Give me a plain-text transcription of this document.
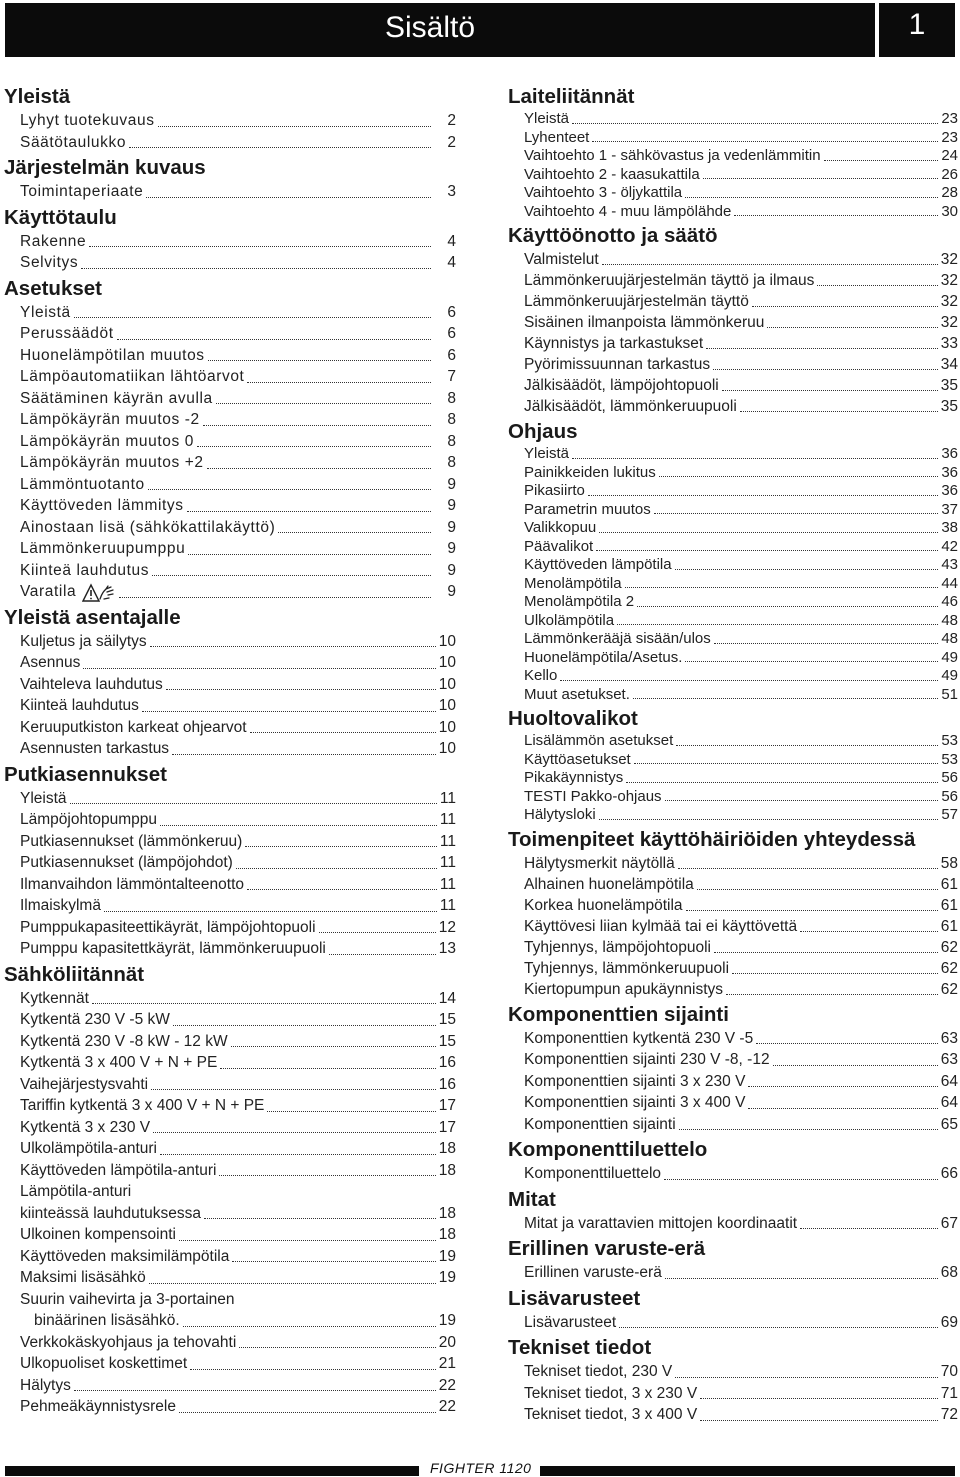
Sisältö	1
Yleistä
Lyhyt tuotekuvaus	2
Säätötaulukko	2
Järjestelmän kuvaus
Toimintaperiaate	3
Käyttötaulu
Rakenne	4
Selvitys	4
Asetukset
Yleistä	6
Perussäädöt	6
Huonelämpötilan muutos	6
Lämpöautomatiikan lähtöarvot	7
Säätäminen käyrän avulla	8
Lämpökäyrän muutos -2	8
Lämpökäyrän muutos 0	8
Lämpökäyrän muutos +2	8
Lämmöntuotanto	9
Käyttöveden lämmitys	9
Ainostaan lisä (sähkökattilakäyttö)	9
Lämmönkeruupumppu	9
Kiinteä lauhdutus	9
Varatila	9
Yleistä asentajalle
Kuljetus ja säilytys	10
Asennus	10
Vaihteleva lauhdutus	10
Kiinteä lauhdutus	10
Keruuputkiston karkeat ohjearvot	10
Asennusten tarkastus	10
Putkiasennukset
Yleistä	11
Lämpöjohtopumppu	11
Putkiasennukset (lämmönkeruu)	11
Putkiasennukset (lämpöjohdot)	11
Ilmanvaihdon lämmöntalteenotto	11
Ilmaiskylmä	11
Pumppukapasiteettikäyrät, lämpöjohtopuoli	12
Pumppu kapasitettkäyrät, lämmönkeruupuoli	13
Sähköliitännät
Kytkennät	14
Kytkentä 230 V -5 kW	15
Kytkentä 230 V -8 kW - 12 kW	15
Kytkentä 3 x 400 V + N + PE	16
Vaihejärjestysvahti	16
Tariffin kytkentä 3 x 400 V + N + PE	17
Kytkentä 3 x 230 V	17
Ulkolämpötila-anturi	18
Käyttöveden lämpötila-anturi	18
Lämpötila-anturi
kiinteässä lauhdutuksessa	18
Ulkoinen kompensointi	18
Käyttöveden maksimilämpötila	19
Maksimi lisäsähkö	19
Suurin vaihevirta ja 3-portainen
binäärinen lisäsähkö.	19
Verkkokäskyohjaus ja tehovahti	20
Ulkopuoliset koskettimet	21
Hälytys	22
Pehmeäkäynnistysrele	22
Laiteliitännät
Yleistä	23
Lyhenteet	23
Vaihtoehto 1 - sähkövastus ja vedenlämmitin	24
Vaihtoehto 2 - kaasukattila	26
Vaihtoehto 3 - öljykattila	28
Vaihtoehto 4 - muu lämpölähde	30
Käyttöönotto ja säätö
Valmistelut	32
Lämmönkeruujärjestelmän täyttö ja ilmaus	32
Lämmönkeruujärjestelmän täyttö	32
Sisäinen ilmanpoista lämmönkeruu	32
Käynnistys ja tarkastukset	33
Pyörimissuunnan tarkastus	34
Jälkisäädöt, lämpöjohtopuoli	35
Jälkisäädöt, lämmönkeruupuoli	35
Ohjaus
Yleistä	36
Painikkeiden lukitus	36
Pikasiirto	36
Parametrin muutos	37
Valikkopuu	38
Päävalikot	42
Käyttöveden lämpötila	43
Menolämpötila	44
Menolämpötila 2	46
Ulkolämpötila	48
Lämmönkerääjä sisään/ulos	48
Huonelämpötila/Asetus.	49
Kello	49
Muut asetukset.	51
Huoltovalikot
Lisälämmön asetukset	53
Käyttöasetukset	53
Pikakäynnistys	56
TESTI Pakko-ohjaus	56
Hälytysloki	57
Toimenpiteet käyttöhäiriöiden yhteydessä
Hälytysmerkit näytöllä	58
Alhainen huonelämpötila	61
Korkea huonelämpötila	61
Käyttövesi liian kylmää tai ei käyttövettä	61
Tyhjennys, lämpöjohtopuoli	62
Tyhjennys, lämmönkeruupuoli	62
Kiertopumpun apukäynnistys	62
Komponenttien sijainti
Komponenttien kytkentä 230 V -5	63
Komponenttien sijainti 230 V -8, -12	63
Komponenttien sijainti 3 x 230 V	64
Komponenttien sijainti 3 x 400 V	64
Komponenttien sijainti	65
Komponenttiluettelo
Komponenttiluettelo	66
Mitat
Mitat ja varattavien mittojen koordinaatit	67
Erillinen varuste-erä
Erillinen varuste-erä	68
Lisävarusteet
Lisävarusteet	69
Tekniset tiedot
Tekniset tiedot, 230 V	70
Tekniset tiedot, 3 x 230 V	71
Tekniset tiedot, 3 x 400 V	72
FIGHTER 1120
